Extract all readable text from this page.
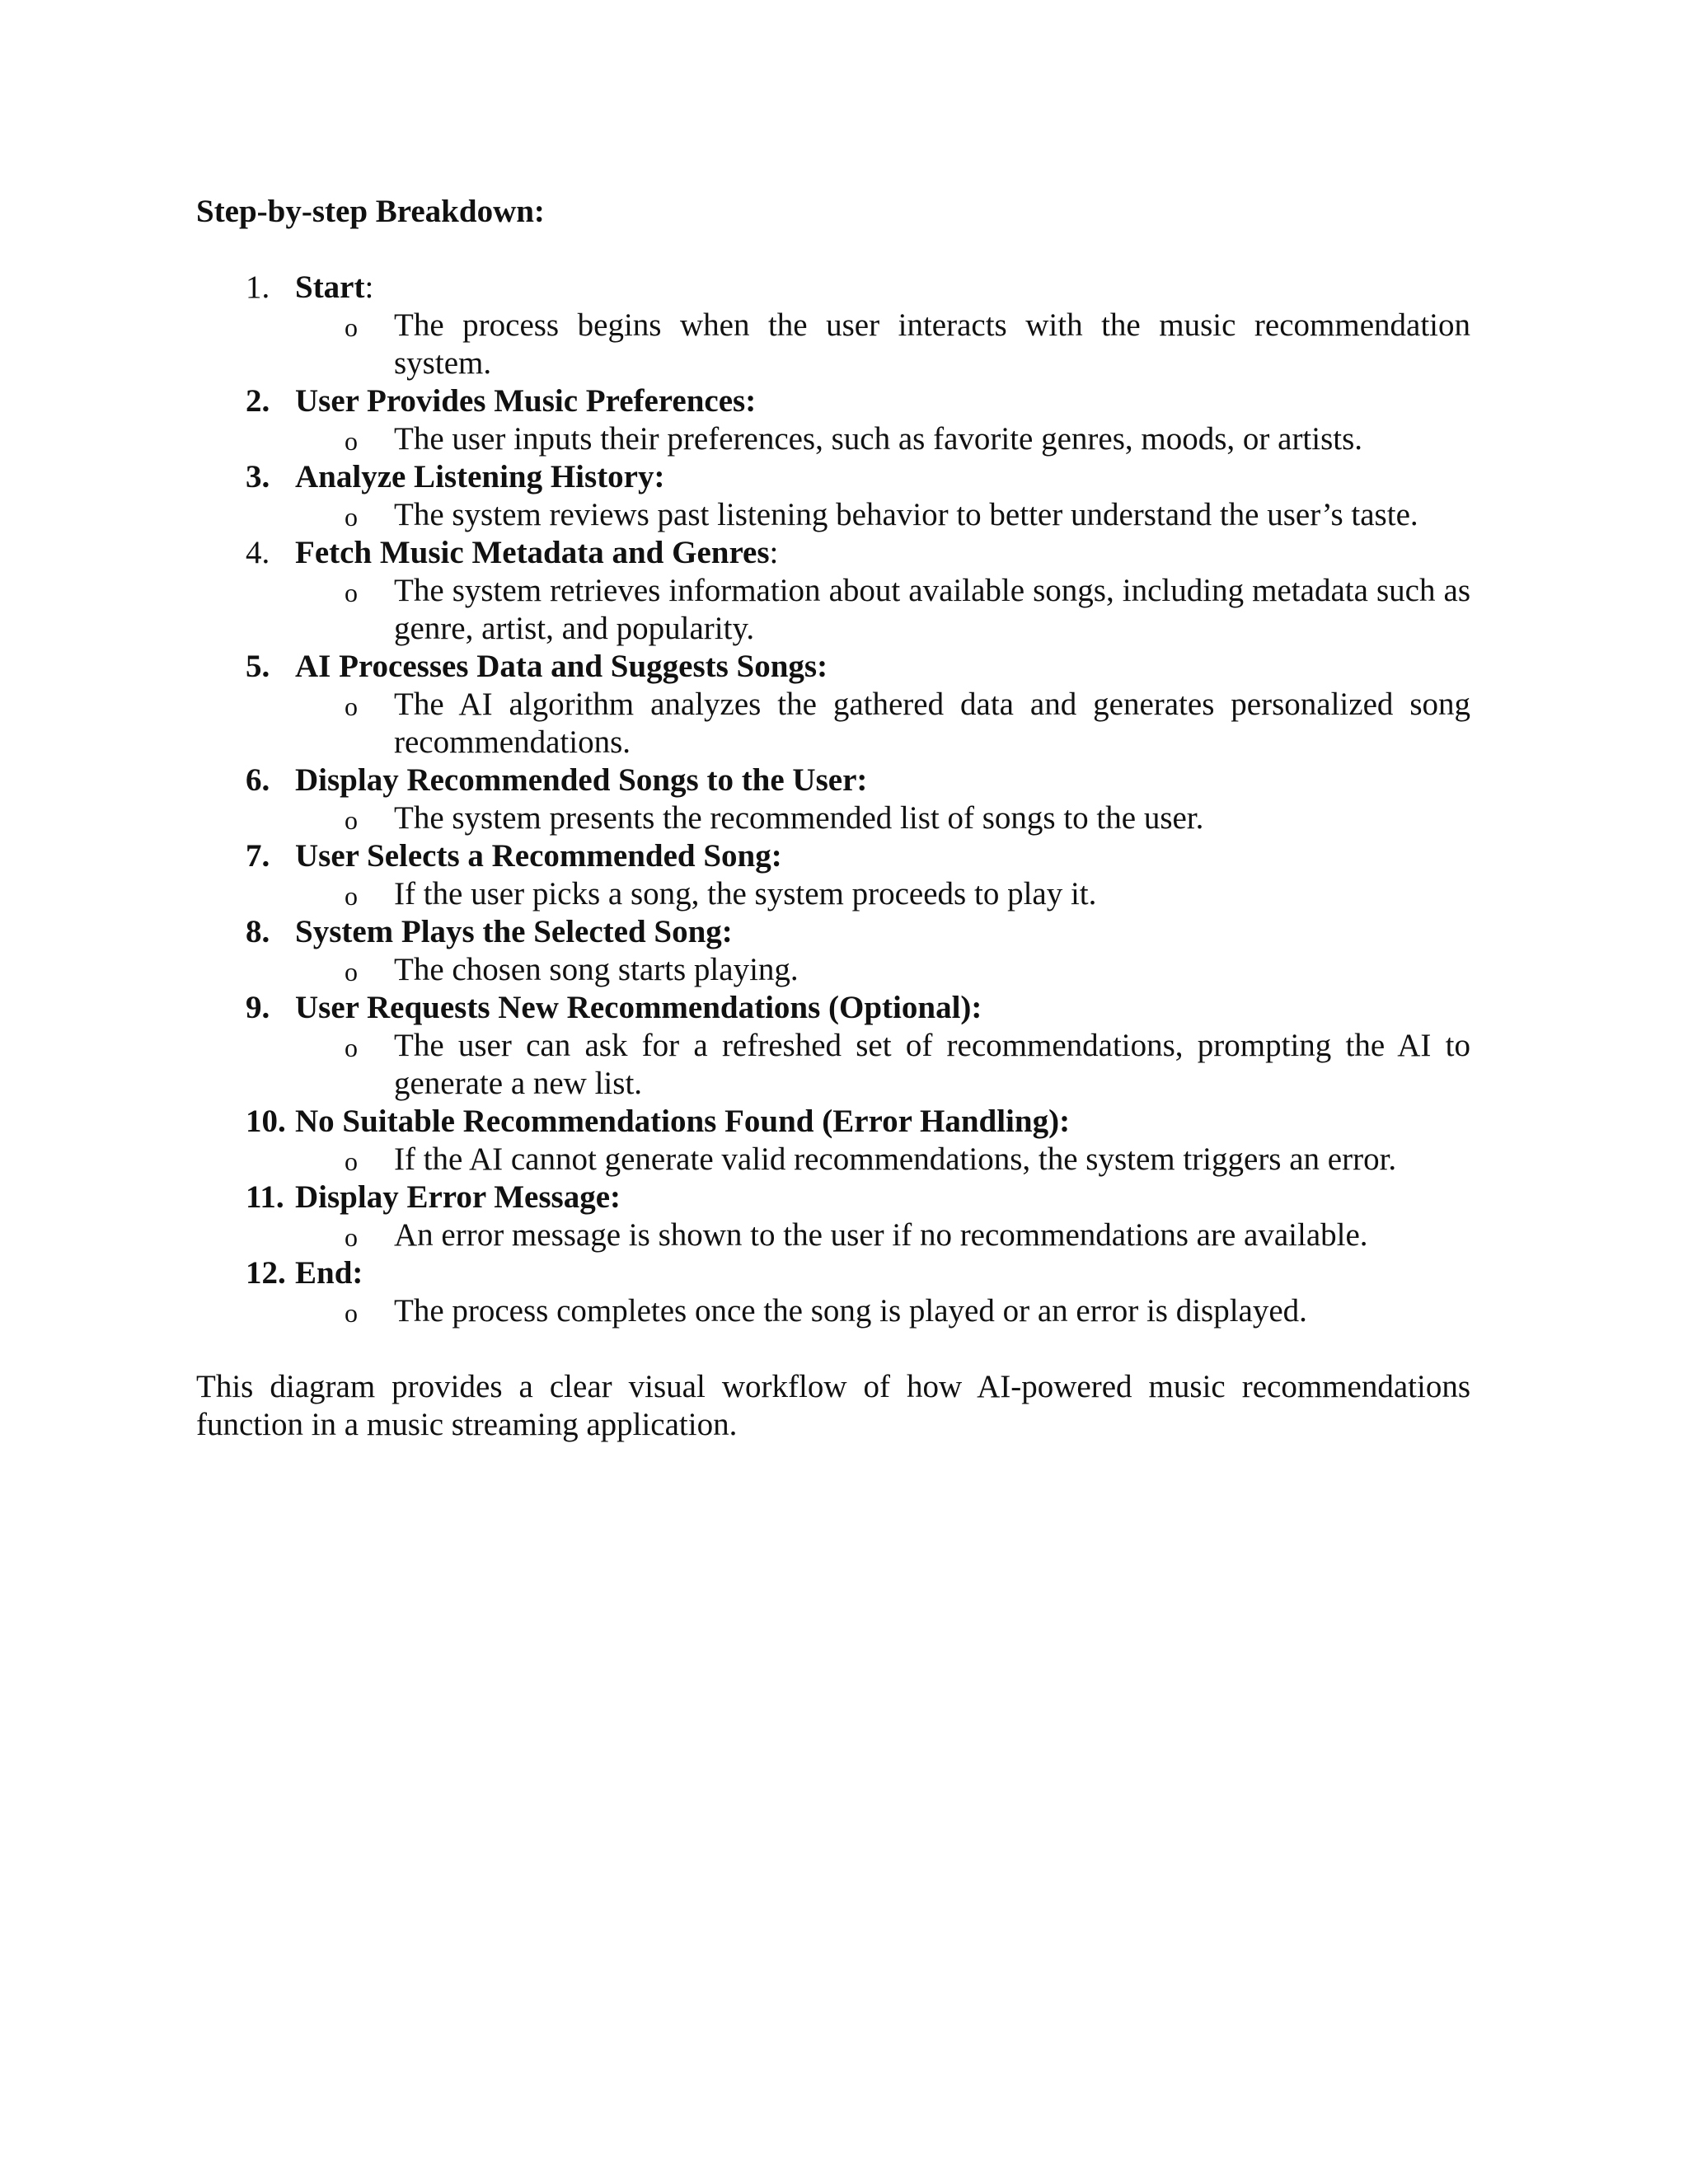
Step-by-step Breakdown:
1. Start:
o The process begins when the user interacts with the music recommendation system.
2. User Provides Music Preferences:
o The user inputs their preferences, such as favorite genres, moods, or artists.
3. Analyze Listening History:
o The system reviews past listening behavior to better understand the user’s taste.
4. Fetch Music Metadata and Genres:
o The system retrieves information about available songs, including metadata such as genre, artist, and popularity.
5. AI Processes Data and Suggests Songs:
o The AI algorithm analyzes the gathered data and generates personalized song recommendations.
6. Display Recommended Songs to the User:
o The system presents the recommended list of songs to the user.
7. User Selects a Recommended Song:
o If the user picks a song, the system proceeds to play it.
8. System Plays the Selected Song:
o The chosen song starts playing.
9. User Requests New Recommendations (Optional):
o The user can ask for a refreshed set of recommendations, prompting the AI to generate a new list.
10. No Suitable Recommendations Found (Error Handling):
o If the AI cannot generate valid recommendations, the system triggers an error.
11. Display Error Message:
o An error message is shown to the user if no recommendations are available.
12. End:
o The process completes once the song is played or an error is displayed.

This diagram provides a clear visual workflow of how AI-powered music recommendations function in a music streaming application.
